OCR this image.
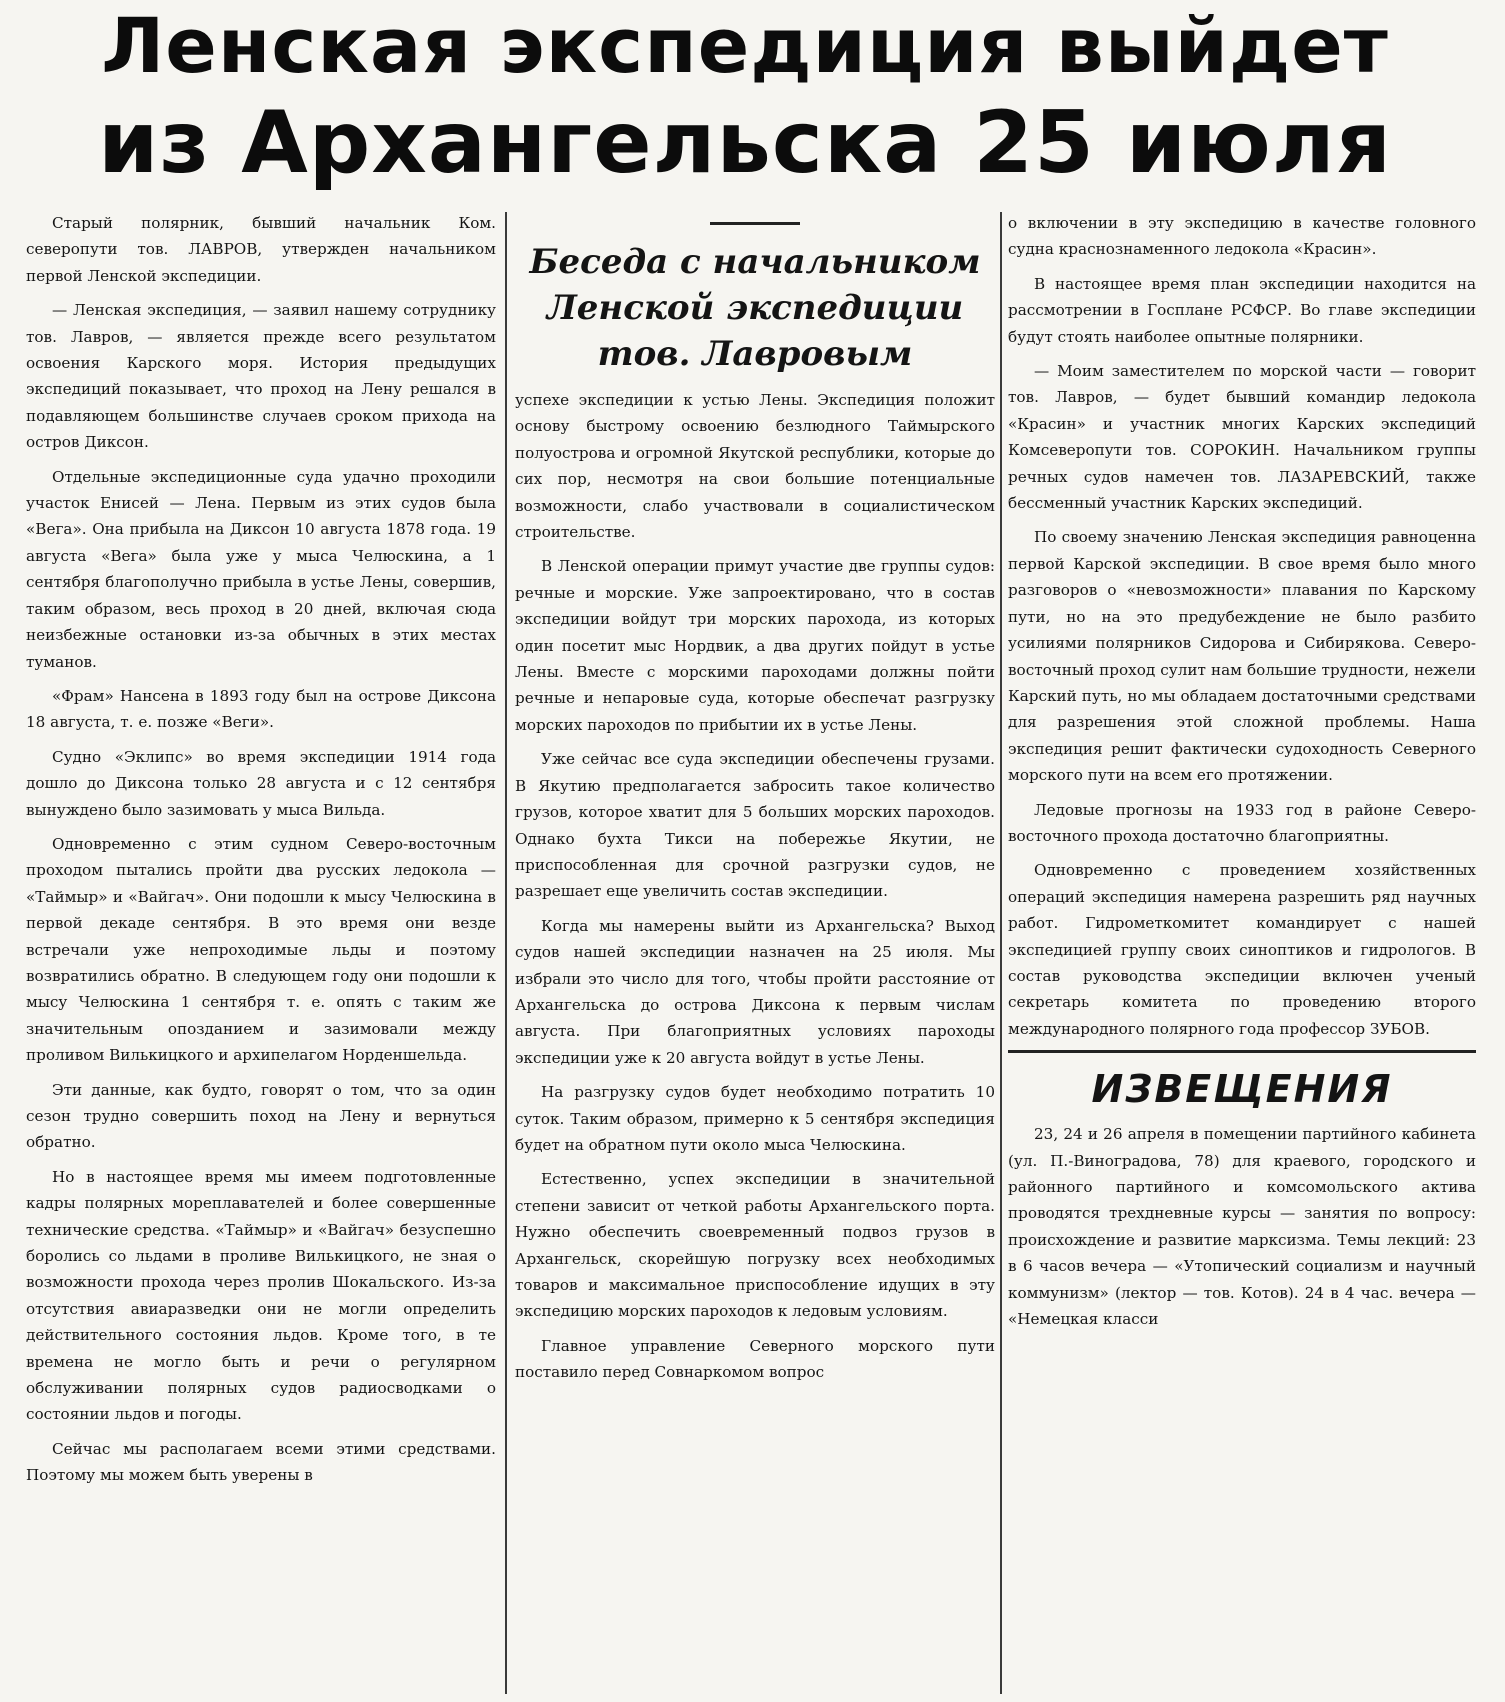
Ленская экспедиция выйдет
из Архангельска 25 июля

Старый полярник, бывший начальник Ком. северопути тов. ЛАВРОВ, утвержден начальником первой Ленской экспедиции.

— Ленская экспедиция, — заявил нашему сотруднику тов. Лавров, — является прежде всего результатом освоения Карского моря. История предыдущих экспедиций показывает, что проход на Лену решался в подавляющем большинстве случаев сроком прихода на остров Диксон.

Отдельные экспедиционные суда удачно проходили участок Енисей — Лена. Первым из этих судов была «Вега». Она прибыла на Диксон 10 августа 1878 года. 19 августа «Вега» была уже у мыса Челюскина, а 1 сентября благополучно прибыла в устье Лены, совершив, таким образом, весь проход в 20 дней, включая сюда неизбежные остановки из-за обычных в этих местах туманов.

«Фрам» Нансена в 1893 году был на острове Диксона 18 августа, т. е. позже «Веги».

Судно «Эклипс» во время экспедиции 1914 года дошло до Диксона только 28 августа и с 12 сентября вынуждено было зазимовать у мыса Вильда.

Одновременно с этим судном Северо-восточным проходом пытались пройти два русских ледокола — «Таймыр» и «Вайгач». Они подошли к мысу Челюскина в первой декаде сентября. В это время они везде встречали уже непроходимые льды и поэтому возвратились обратно. В следующем году они подошли к мысу Челюскина 1 сентября т. е. опять с таким же значительным опозданием и зазимовали между проливом Вилькицкого и архипелагом Норденшельда.

Эти данные, как будто, говорят о том, что за один сезон трудно совершить поход на Лену и вернуться обратно.

Но в настоящее время мы имеем подготовленные кадры полярных мореплавателей и более совершенные технические средства. «Таймыр» и «Вайгач» безуспешно боролись со льдами в проливе Вилькицкого, не зная о возможности прохода через пролив Шокальского. Из-за отсутствия авиаразведки они не могли определить действительного состояния льдов. Кроме того, в те времена не могло быть и речи о регулярном обслуживании полярных судов радиосводками о состоянии льдов и погоды.

Сейчас мы располагаем всеми этими средствами. Поэтому мы можем быть уверены в

Беседа с начальником Ленской экспедиции тов. Лавровым

успехе экспедиции к устью Лены. Экспедиция положит основу быстрому освоению безлюдного Таймырского полуострова и огромной Якутской республики, которые до сих пор, несмотря на свои большие потенциальные возможности, слабо участвовали в социалистическом строительстве.

В Ленской операции примут участие две группы судов: речные и морские. Уже запроектировано, что в состав экспедиции войдут три морских парохода, из которых один посетит мыс Нордвик, а два других пойдут в устье Лены. Вместе с морскими пароходами должны пойти речные и непаровые суда, которые обеспечат разгрузку морских пароходов по прибытии их в устье Лены.

Уже сейчас все суда экспедиции обеспечены грузами. В Якутию предполагается забросить такое количество грузов, которое хватит для 5 больших морских пароходов. Однако бухта Тикси на побережье Якутии, не приспособленная для срочной разгрузки судов, не разрешает еще увеличить состав экспедиции.

Когда мы намерены выйти из Архангельска? Выход судов нашей экспедиции назначен на 25 июля. Мы избрали это число для того, чтобы пройти расстояние от Архангельска до острова Диксона к первым числам августа. При благоприятных условиях пароходы экспедиции уже к 20 августа войдут в устье Лены.

На разгрузку судов будет необходимо потратить 10 суток. Таким образом, примерно к 5 сентября экспедиция будет на обратном пути около мыса Челюскина.

Естественно, успех экспедиции в значительной степени зависит от четкой работы Архангельского порта. Нужно обеспечить своевременный подвоз грузов в Архангельск, скорейшую погрузку всех необходимых товаров и максимальное приспособление идущих в эту экспедицию морских пароходов к ледовым условиям.

Главное управление Северного морского пути поставило перед Совнаркомом вопрос

о включении в эту экспедицию в качестве головного судна краснознаменного ледокола «Красин».

В настоящее время план экспедиции находится на рассмотрении в Госплане РСФСР. Во главе экспедиции будут стоять наиболее опытные полярники.

— Моим заместителем по морской части — говорит тов. Лавров, — будет бывший командир ледокола «Красин» и участник многих Карских экспедиций Комсеверопути тов. СОРОКИН. Начальником группы речных судов намечен тов. ЛАЗАРЕВСКИЙ, также бессменный участник Карских экспедиций.

По своему значению Ленская экспедиция равноценна первой Карской экспедиции. В свое время было много разговоров о «невозможности» плавания по Карскому пути, но на это предубеждение не было разбито усилиями полярников Сидорова и Сибирякова. Северо-восточный проход сулит нам большие трудности, нежели Карский путь, но мы обладаем достаточными средствами для разрешения этой сложной проблемы. Наша экспедиция решит фактически судоходность Северного морского пути на всем его протяжении.

Ледовые прогнозы на 1933 год в районе Северо-восточного прохода достаточно благоприятны.

Одновременно с проведением хозяйственных операций экспедиция намерена разрешить ряд научных работ. Гидрометкомитет командирует с нашей экспедицией группу своих синоптиков и гидрологов. В состав руководства экспедиции включен ученый секретарь комитета по проведению второго международного полярного года профессор ЗУБОВ.

ИЗВЕЩЕНИЯ

23, 24 и 26 апреля в помещении партийного кабинета (ул. П.-Виноградова, 78) для краевого, городского и районного партийного и комсомольского актива проводятся трехдневные курсы — занятия по вопросу: происхождение и развитие марксизма. Темы лекций: 23 в 6 часов вечера — «Утопический социализм и научный коммунизм» (лектор — тов. Котов). 24 в 4 час. вечера — «Немецкая класси
